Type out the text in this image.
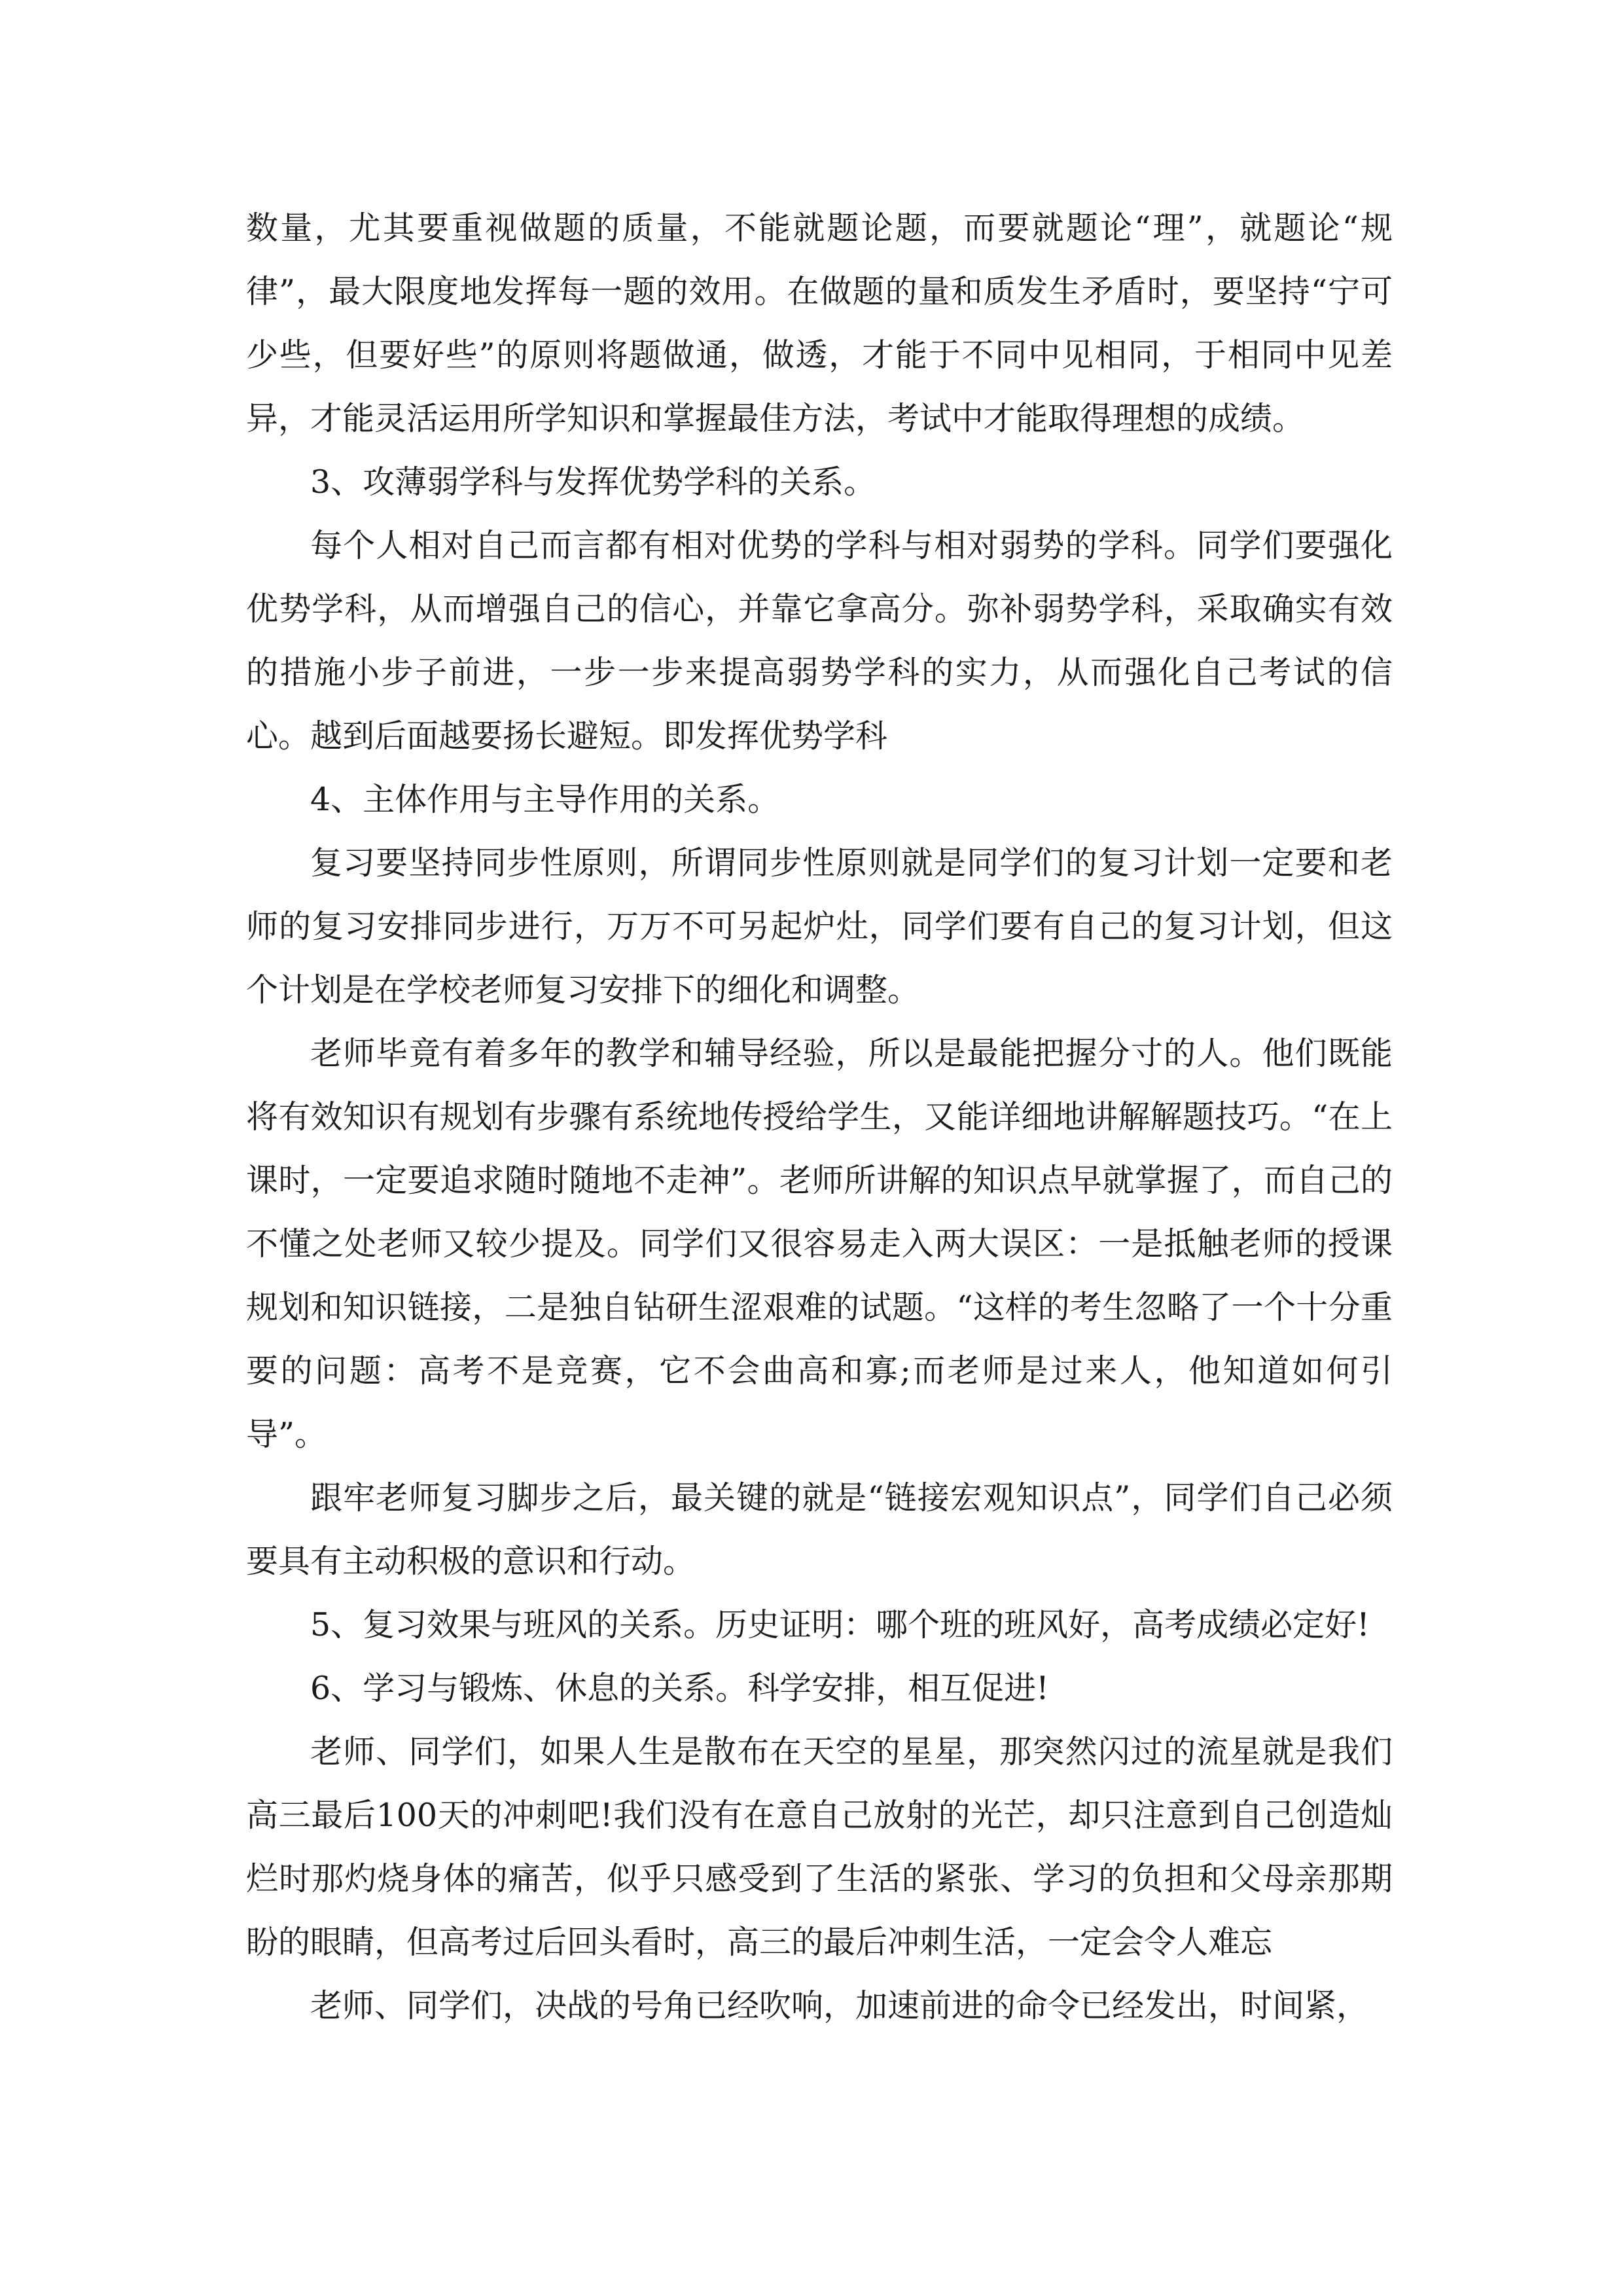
数量，尤其要重视做题的质量，不能就题论题，而要就题论“理”，就题论“规律”，最大限度地发挥每一题的效用。在做题的量和质发生矛盾时，要坚持“宁可少些，但要好些”的原则将题做通，做透，才能于不同中见相同，于相同中见差异，才能灵活运用所学知识和掌握最佳方法，考试中才能取得理想的成绩。

3、攻薄弱学科与发挥优势学科的关系。

每个人相对自己而言都有相对优势的学科与相对弱势的学科。同学们要强化优势学科，从而增强自己的信心，并靠它拿高分。弥补弱势学科，采取确实有效的措施小步子前进，一步一步来提高弱势学科的实力，从而强化自己考试的信心。越到后面越要扬长避短。即发挥优势学科

4、主体作用与主导作用的关系。

复习要坚持同步性原则，所谓同步性原则就是同学们的复习计划一定要和老师的复习安排同步进行，万万不可另起炉灶，同学们要有自己的复习计划，但这个计划是在学校老师复习安排下的细化和调整。

老师毕竟有着多年的教学和辅导经验，所以是最能把握分寸的人。他们既能将有效知识有规划有步骤有系统地传授给学生，又能详细地讲解解题技巧。“在上课时，一定要追求随时随地不走神”。老师所讲解的知识点早就掌握了，而自己的不懂之处老师又较少提及。同学们又很容易走入两大误区：一是抵触老师的授课规划和知识链接，二是独自钻研生涩艰难的试题。“这样的考生忽略了一个十分重要的问题：高考不是竞赛，它不会曲高和寡;而老师是过来人，他知道如何引导”。

跟牢老师复习脚步之后，最关键的就是“链接宏观知识点”，同学们自己必须要具有主动积极的意识和行动。

5、复习效果与班风的关系。历史证明：哪个班的班风好，高考成绩必定好!

6、学习与锻炼、休息的关系。科学安排，相互促进!

老师、同学们，如果人生是散布在天空的星星，那突然闪过的流星就是我们高三最后100天的冲刺吧!我们没有在意自己放射的光芒，却只注意到自己创造灿烂时那灼烧身体的痛苦，似乎只感受到了生活的紧张、学习的负担和父母亲那期盼的眼睛，但高考过后回头看时，高三的最后冲刺生活，一定会令人难忘

老师、同学们，决战的号角已经吹响，加速前进的命令已经发出，时间紧，
